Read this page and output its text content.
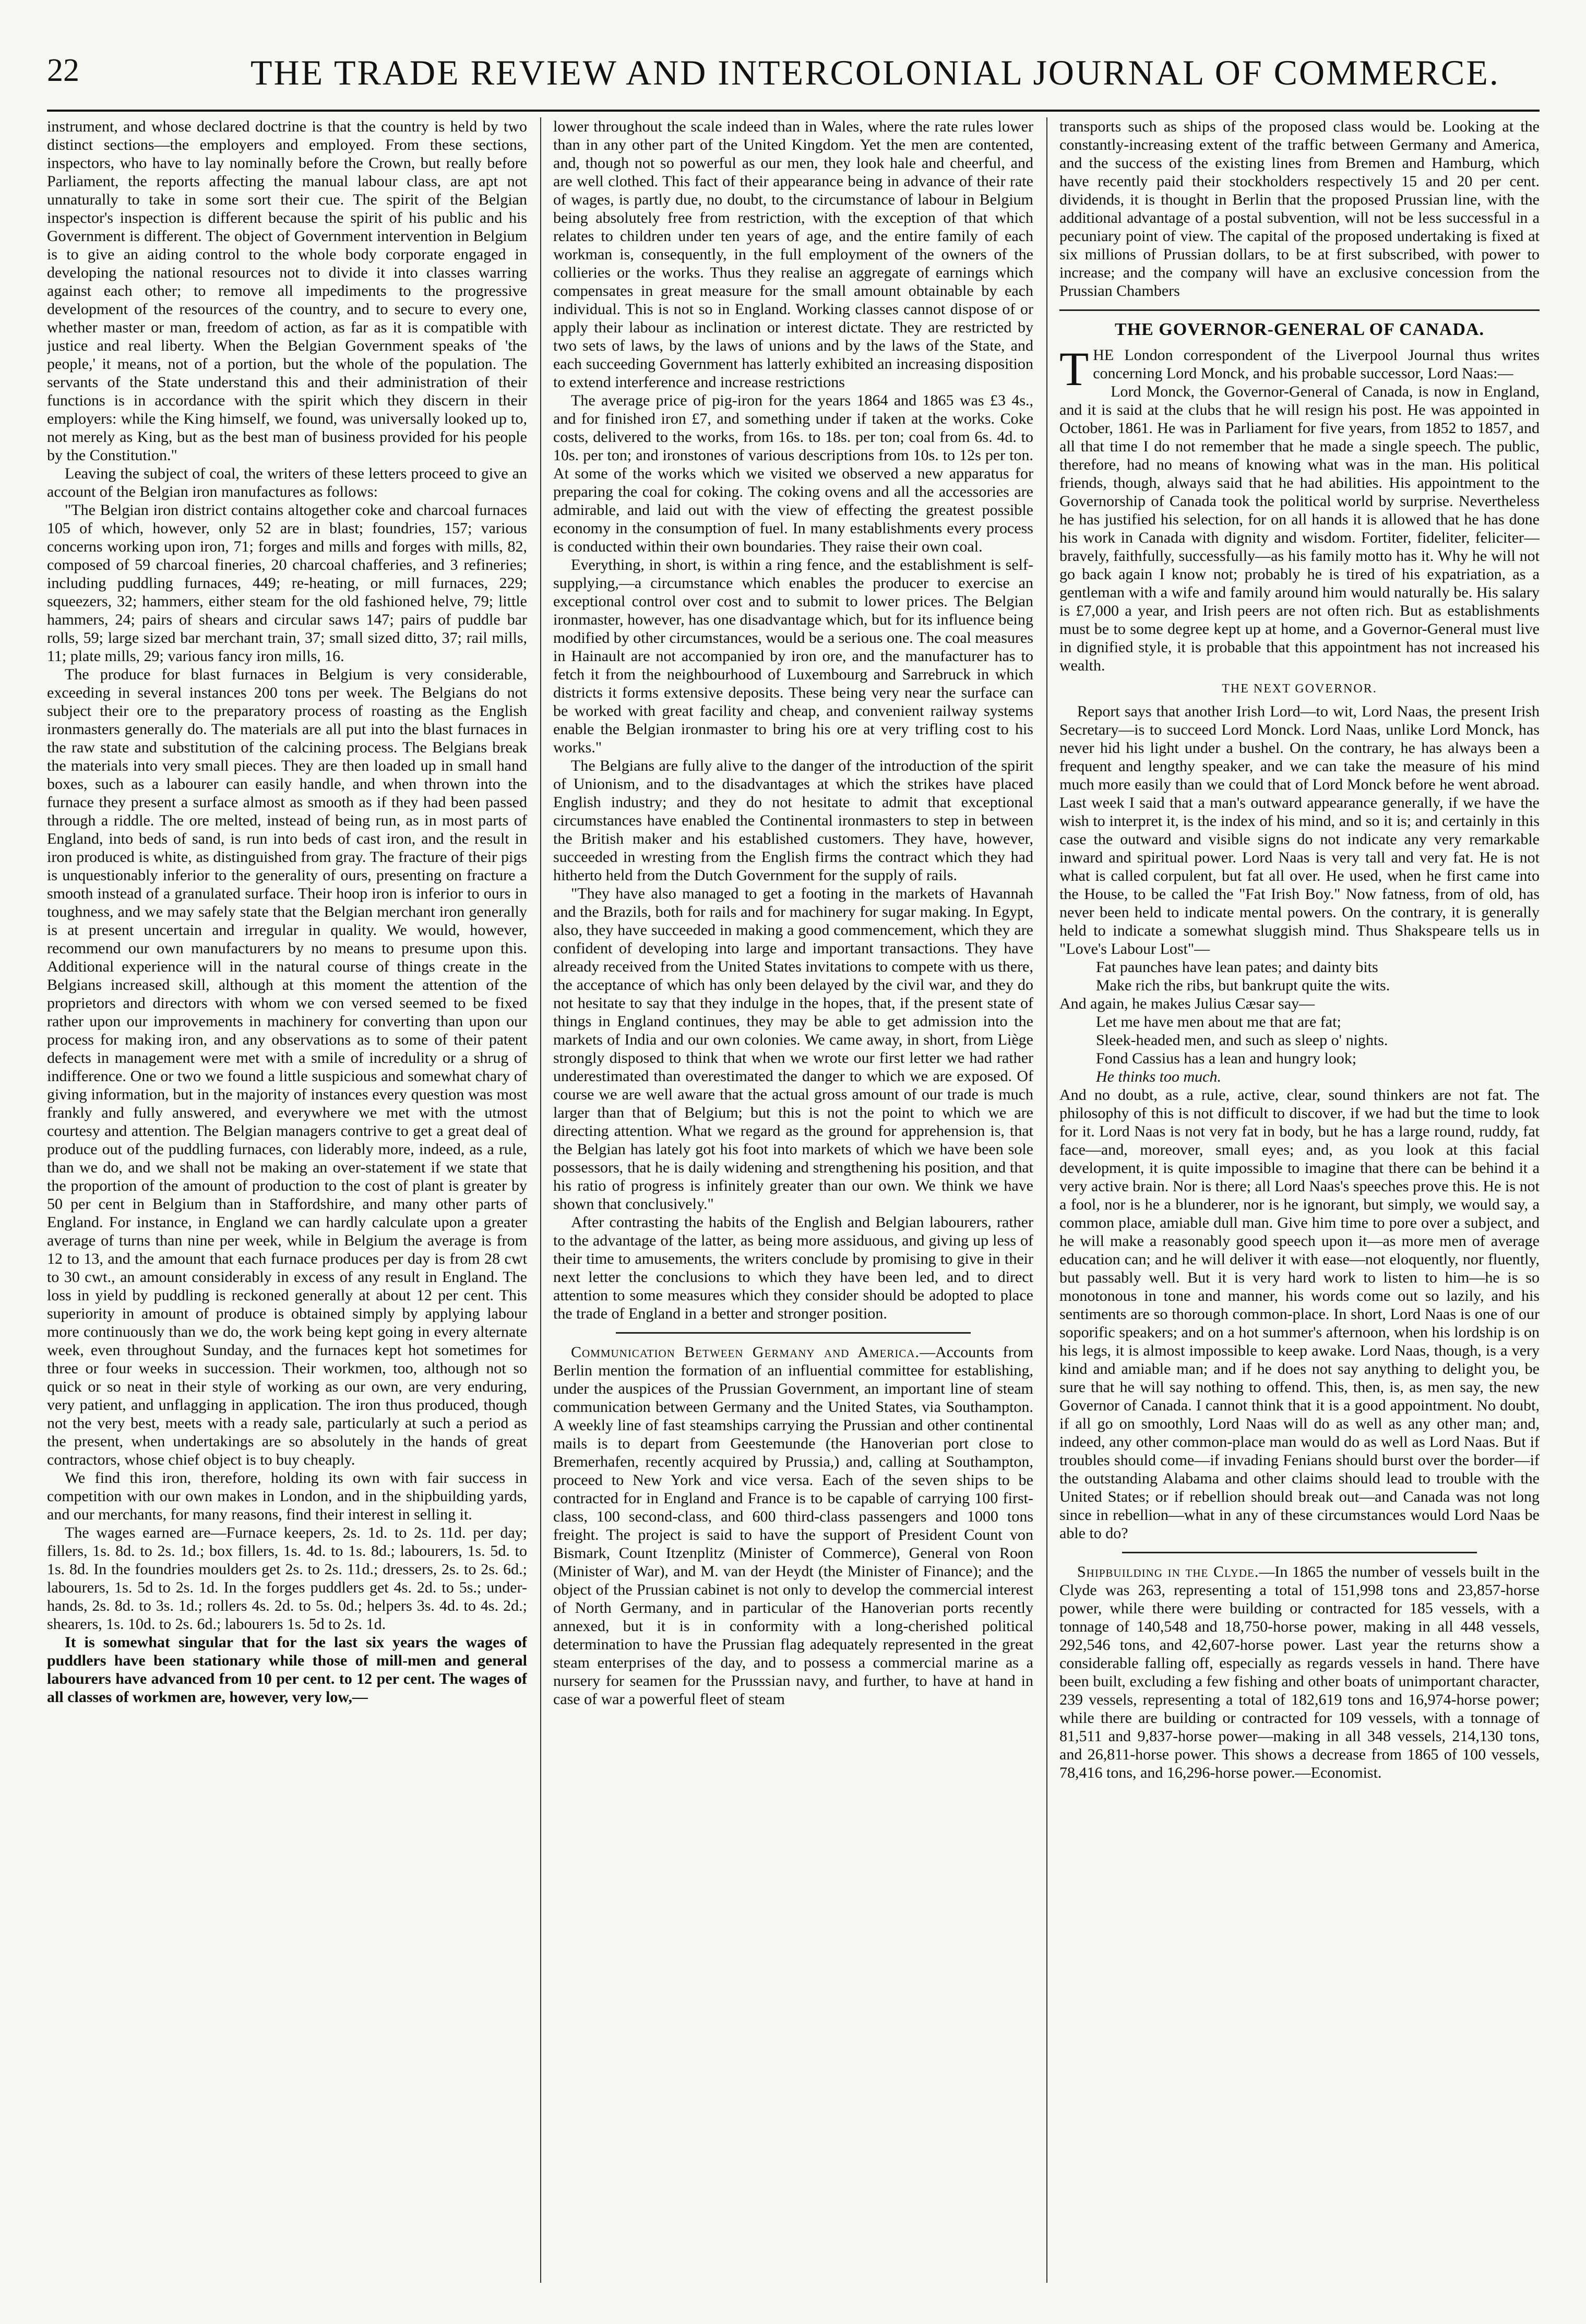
22	THE TRADE REVIEW AND INTERCOLONIAL JOURNAL OF COMMERCE.

instrument, and whose declared doctrine is that the country is held by two distinct sections—the employers and employed. From these sections, inspectors, who have to lay nominally before the Crown, but really before Parliament, the reports affecting the manual labour class, are apt not unnaturally to take in some sort their cue. The spirit of the Belgian inspector's inspection is different because the spirit of his public and his Government is different. The object of Government intervention in Belgium is to give an aiding control to the whole body corporate engaged in developing the national resources not to divide it into classes warring against each other; to remove all impediments to the progressive development of the resources of the country, and to secure to every one, whether master or man, freedom of action, as far as it is compatible with justice and real liberty. When the Belgian Government speaks of 'the people,' it means, not of a portion, but the whole of the population. The servants of the State understand this and their administration of their functions is in accordance with the spirit which they discern in their employers: while the King himself, we found, was universally looked up to, not merely as King, but as the best man of business provided for his people by the Constitution."

Leaving the subject of coal, the writers of these letters proceed to give an account of the Belgian iron manufactures as follows:

"The Belgian iron district contains altogether coke and charcoal furnaces 105 of which, however, only 52 are in blast; foundries, 157; various concerns working upon iron, 71; forges and mills and forges with mills, 82, composed of 59 charcoal fineries, 20 charcoal chafferies, and 3 refineries; including puddling furnaces, 449; re-heating, or mill furnaces, 229; squeezers, 32; hammers, either steam for the old fashioned helve, 79; little hammers, 24; pairs of shears and circular saws 147; pairs of puddle bar rolls, 59; large sized bar merchant train, 37; small sized ditto, 37; rail mills, 11; plate mills, 29; various fancy iron mills, 16.

The produce for blast furnaces in Belgium is very considerable, exceeding in several instances 200 tons per week. The Belgians do not subject their ore to the preparatory process of roasting as the English ironmasters generally do. The materials are all put into the blast furnaces in the raw state and substitution of the calcining process. The Belgians break the materials into very small pieces. They are then loaded up in small hand boxes, such as a labourer can easily handle, and when thrown into the furnace they present a surface almost as smooth as if they had been passed through a riddle. The ore melted, instead of being run, as in most parts of England, into beds of sand, is run into beds of cast iron, and the result in iron produced is white, as distinguished from gray. The fracture of their pigs is unquestionably inferior to the generality of ours, presenting on fracture a smooth instead of a granulated surface. Their hoop iron is inferior to ours in toughness, and we may safely state that the Belgian merchant iron generally is at present uncertain and irregular in quality. We would, however, recommend our own manufacturers by no means to presume upon this. Additional experience will in the natural course of things create in the Belgians increased skill, although at this moment the attention of the proprietors and directors with whom we con versed seemed to be fixed rather upon our improvements in machinery for converting than upon our process for making iron, and any observations as to some of their patent defects in management were met with a smile of incredulity or a shrug of indifference. One or two we found a little suspicious and somewhat chary of giving information, but in the majority of instances every question was most frankly and fully answered, and everywhere we met with the utmost courtesy and attention. The Belgian managers contrive to get a great deal of produce out of the puddling furnaces, con liderably more, indeed, as a rule, than we do, and we shall not be making an over-statement if we state that the proportion of the amount of production to the cost of plant is greater by 50 per cent in Belgium than in Staffordshire, and many other parts of England. For instance, in England we can hardly calculate upon a greater average of turns than nine per week, while in Belgium the average is from 12 to 13, and the amount that each furnace produces per day is from 28 cwt to 30 cwt., an amount considerably in excess of any result in England. The loss in yield by puddling is reckoned generally at about 12 per cent. This superiority in amount of produce is obtained simply by applying labour more continuously than we do, the work being kept going in every alternate week, even throughout Sunday, and the furnaces kept hot sometimes for three or four weeks in succession. Their workmen, too, although not so quick or so neat in their style of working as our own, are very enduring, very patient, and unflagging in application. The iron thus produced, though not the very best, meets with a ready sale, particularly at such a period as the present, when undertakings are so absolutely in the hands of great contractors, whose chief object is to buy cheaply.

We find this iron, therefore, holding its own with fair success in competition with our own makes in London, and in the shipbuilding yards, and our merchants, for many reasons, find their interest in selling it.

The wages earned are—Furnace keepers, 2s. 1d. to 2s. 11d. per day; fillers, 1s. 8d. to 2s. 1d.; box fillers, 1s. 4d. to 1s. 8d.; labourers, 1s. 5d. to 1s. 8d. In the foundries moulders get 2s. to 2s. 11d.; dressers, 2s. to 2s. 6d.; labourers, 1s. 5d to 2s. 1d. In the forges puddlers get 4s. 2d. to 5s.; under-hands, 2s. 8d. to 3s. 1d.; rollers 4s. 2d. to 5s. 0d.; helpers 3s. 4d. to 4s. 2d.; shearers, 1s. 10d. to 2s. 6d.; labourers 1s. 5d to 2s. 1d.

It is somewhat singular that for the last six years the wages of puddlers have been stationary while those of mill-men and general labourers have advanced from 10 per cent. to 12 per cent. The wages of all classes of workmen are, however, very low,—

lower throughout the scale indeed than in Wales, where the rate rules lower than in any other part of the United Kingdom. Yet the men are contented, and, though not so powerful as our men, they look hale and cheerful, and are well clothed. This fact of their appearance being in advance of their rate of wages, is partly due, no doubt, to the circumstance of labour in Belgium being absolutely free from restriction, with the exception of that which relates to children under ten years of age, and the entire family of each workman is, consequently, in the full employment of the owners of the collieries or the works. Thus they realise an aggregate of earnings which compensates in great measure for the small amount obtainable by each individual. This is not so in England. Working classes cannot dispose of or apply their labour as inclination or interest dictate. They are restricted by two sets of laws, by the laws of unions and by the laws of the State, and each succeeding Government has latterly exhibited an increasing disposition to extend interference and increase restrictions

The average price of pig-iron for the years 1864 and 1865 was £3 4s., and for finished iron £7, and something under if taken at the works. Coke costs, delivered to the works, from 16s. to 18s. per ton; coal from 6s. 4d. to 10s. per ton; and ironstones of various descriptions from 10s. to 12s per ton. At some of the works which we visited we observed a new apparatus for preparing the coal for coking. The coking ovens and all the accessories are admirable, and laid out with the view of effecting the greatest possible economy in the consumption of fuel. In many establishments every process is conducted within their own boundaries. They raise their own coal.

Everything, in short, is within a ring fence, and the establishment is self-supplying,—a circumstance which enables the producer to exercise an exceptional control over cost and to submit to lower prices. The Belgian ironmaster, however, has one disadvantage which, but for its influence being modified by other circumstances, would be a serious one. The coal measures in Hainault are not accompanied by iron ore, and the manufacturer has to fetch it from the neighbourhood of Luxembourg and Sarrebruck in which districts it forms extensive deposits. These being very near the surface can be worked with great facility and cheap, and convenient railway systems enable the Belgian ironmaster to bring his ore at very trifling cost to his works."

The Belgians are fully alive to the danger of the introduction of the spirit of Unionism, and to the disadvantages at which the strikes have placed English industry; and they do not hesitate to admit that exceptional circumstances have enabled the Continental ironmasters to step in between the British maker and his established customers. They have, however, succeeded in wresting from the English firms the contract which they had hitherto held from the Dutch Government for the supply of rails.

"They have also managed to get a footing in the markets of Havannah and the Brazils, both for rails and for machinery for sugar making. In Egypt, also, they have succeeded in making a good commencement, which they are confident of developing into large and important transactions. They have already received from the United States invitations to compete with us there, the acceptance of which has only been delayed by the civil war, and they do not hesitate to say that they indulge in the hopes, that, if the present state of things in England continues, they may be able to get admission into the markets of India and our own colonies. We came away, in short, from Liège strongly disposed to think that when we wrote our first letter we had rather underestimated than overestimated the danger to which we are exposed. Of course we are well aware that the actual gross amount of our trade is much larger than that of Belgium; but this is not the point to which we are directing attention. What we regard as the ground for apprehension is, that the Belgian has lately got his foot into markets of which we have been sole possessors, that he is daily widening and strengthening his position, and that his ratio of progress is infinitely greater than our own. We think we have shown that conclusively."

After contrasting the habits of the English and Belgian labourers, rather to the advantage of the latter, as being more assiduous, and giving up less of their time to amusements, the writers conclude by promising to give in their next letter the conclusions to which they have been led, and to direct attention to some measures which they consider should be adopted to place the trade of England in a better and stronger position.

Communication Between Germany and America.—Accounts from Berlin mention the formation of an influential committee for establishing, under the auspices of the Prussian Government, an important line of steam communication between Germany and the United States, via Southampton. A weekly line of fast steamships carrying the Prussian and other continental mails is to depart from Geestemunde (the Hanoverian port close to Bremerhafen, recently acquired by Prussia,) and, calling at Southampton, proceed to New York and vice versa. Each of the seven ships to be contracted for in England and France is to be capable of carrying 100 first-class, 100 second-class, and 600 third-class passengers and 1000 tons freight. The project is said to have the support of President Count von Bismark, Count Itzenplitz (Minister of Commerce), General von Roon (Minister of War), and M. van der Heydt (the Minister of Finance); and the object of the Prussian cabinet is not only to develop the commercial interest of North Germany, and in particular of the Hanoverian ports recently annexed, but it is in conformity with a long-cherished political determination to have the Prussian flag adequately represented in the great steam enterprises of the day, and to possess a commercial marine as a nursery for seamen for the Prusssian navy, and further, to have at hand in case of war a powerful fleet of steam

transports such as ships of the proposed class would be. Looking at the constantly-increasing extent of the traffic between Germany and America, and the success of the existing lines from Bremen and Hamburg, which have recently paid their stockholders respectively 15 and 20 per cent. dividends, it is thought in Berlin that the proposed Prussian line, with the additional advantage of a postal subvention, will not be less successful in a pecuniary point of view. The capital of the proposed undertaking is fixed at six millions of Prussian dollars, to be at first subscribed, with power to increase; and the company will have an exclusive concession from the Prussian Chambers

THE GOVERNOR-GENERAL OF CANADA.

THE London correspondent of the Liverpool Journal thus writes concerning Lord Monck, and his probable successor, Lord Naas:—

Lord Monck, the Governor-General of Canada, is now in England, and it is said at the clubs that he will resign his post. He was appointed in October, 1861. He was in Parliament for five years, from 1852 to 1857, and all that time I do not remember that he made a single speech. The public, therefore, had no means of knowing what was in the man. His political friends, though, always said that he had abilities. His appointment to the Governorship of Canada took the political world by surprise. Nevertheless he has justified his selection, for on all hands it is allowed that he has done his work in Canada with dignity and wisdom. Fortiter, fideliter, feliciter—bravely, faithfully, successfully—as his family motto has it. Why he will not go back again I know not; probably he is tired of his expatriation, as a gentleman with a wife and family around him would naturally be. His salary is £7,000 a year, and Irish peers are not often rich. But as establishments must be to some degree kept up at home, and a Governor-General must live in dignified style, it is probable that this appointment has not increased his wealth.

THE NEXT GOVERNOR.

Report says that another Irish Lord—to wit, Lord Naas, the present Irish Secretary—is to succeed Lord Monck. Lord Naas, unlike Lord Monck, has never hid his light under a bushel. On the contrary, he has always been a frequent and lengthy speaker, and we can take the measure of his mind much more easily than we could that of Lord Monck before he went abroad. Last week I said that a man's outward appearance generally, if we have the wish to interpret it, is the index of his mind, and so it is; and certainly in this case the outward and visible signs do not indicate any very remarkable inward and spiritual power. Lord Naas is very tall and very fat. He is not what is called corpulent, but fat all over. He used, when he first came into the House, to be called the "Fat Irish Boy." Now fatness, from of old, has never been held to indicate mental powers. On the contrary, it is generally held to indicate a somewhat sluggish mind. Thus Shakspeare tells us in "Love's Labour Lost"—

Fat paunches have lean pates; and dainty bits
Make rich the ribs, but bankrupt quite the wits.

And again, he makes Julius Cæsar say—

Let me have men about me that are fat;
Sleek-headed men, and such as sleep o' nights.
Fond Cassius has a lean and hungry look;
He thinks too much.

And no doubt, as a rule, active, clear, sound thinkers are not fat. The philosophy of this is not difficult to discover, if we had but the time to look for it. Lord Naas is not very fat in body, but he has a large round, ruddy, fat face—and, moreover, small eyes; and, as you look at this facial development, it is quite impossible to imagine that there can be behind it a very active brain. Nor is there; all Lord Naas's speeches prove this. He is not a fool, nor is he a blunderer, nor is he ignorant, but simply, we would say, a common place, amiable dull man. Give him time to pore over a subject, and he will make a reasonably good speech upon it—as more men of average education can; and he will deliver it with ease—not eloquently, nor fluently, but passably well. But it is very hard work to listen to him—he is so monotonous in tone and manner, his words come out so lazily, and his sentiments are so thorough common-place. In short, Lord Naas is one of our soporific speakers; and on a hot summer's afternoon, when his lordship is on his legs, it is almost impossible to keep awake. Lord Naas, though, is a very kind and amiable man; and if he does not say anything to delight you, be sure that he will say nothing to offend. This, then, is, as men say, the new Governor of Canada. I cannot think that it is a good appointment. No doubt, if all go on smoothly, Lord Naas will do as well as any other man; and, indeed, any other common-place man would do as well as Lord Naas. But if troubles should come—if invading Fenians should burst over the border—if the outstanding Alabama and other claims should lead to trouble with the United States; or if rebellion should break out—and Canada was not long since in rebellion—what in any of these circumstances would Lord Naas be able to do?

Shipbuilding in the Clyde.—In 1865 the number of vessels built in the Clyde was 263, representing a total of 151,998 tons and 23,857-horse power, while there were building or contracted for 185 vessels, with a tonnage of 140,548 and 18,750-horse power, making in all 448 vessels, 292,546 tons, and 42,607-horse power. Last year the returns show a considerable falling off, especially as regards vessels in hand. There have been built, excluding a few fishing and other boats of unimportant character, 239 vessels, representing a total of 182,619 tons and 16,974-horse power; while there are building or contracted for 109 vessels, with a tonnage of 81,511 and 9,837-horse power—making in all 348 vessels, 214,130 tons, and 26,811-horse power. This shows a decrease from 1865 of 100 vessels, 78,416 tons, and 16,296-horse power.—Economist.
